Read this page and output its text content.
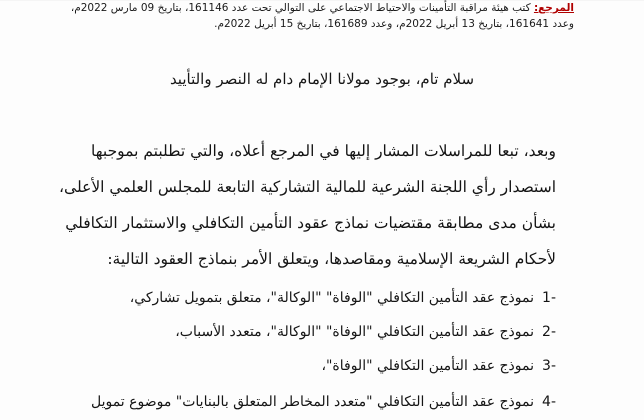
المرجع: كتب هيئة مراقبة التأمينات والاحتياط الاجتماعي على التوالي تحت عدد 161146، بتاريخ 09 مارس 2022م،
وعدد 161641، بتاريخ 13 أبريل 2022م، وعدد 161689، بتاريخ 15 أبريل 2022م.
سلام تام، بوجود مولانا الإمام دام له النصر والتأييد
وبعد، تبعا للمراسلات المشار إليها في المرجع أعلاه، والتي تطلبتم بموجبها
استصدار رأي اللجنة الشرعية للمالية التشاركية التابعة للمجلس العلمي الأعلى،
بشأن مدى مطابقة مقتضيات نماذج عقود التأمين التكافلي والاستثمار التكافلي
لأحكام الشريعة الإسلامية ومقاصدها، ويتعلق الأمر بنماذج العقود التالية:
-1نموذج عقد التأمين التكافلي "الوفاة" "الوكالة"، متعلق بتمويل تشاركي،
-2نموذج عقد التأمين التكافلي "الوفاة" "الوكالة"، متعدد الأسباب،
-3نموذج عقد التأمين التكافلي "الوفاة"،
-4نموذج عقد التأمين التكافلي "متعدد المخاطر المتعلق بالبنايات" موضوع تمويل
